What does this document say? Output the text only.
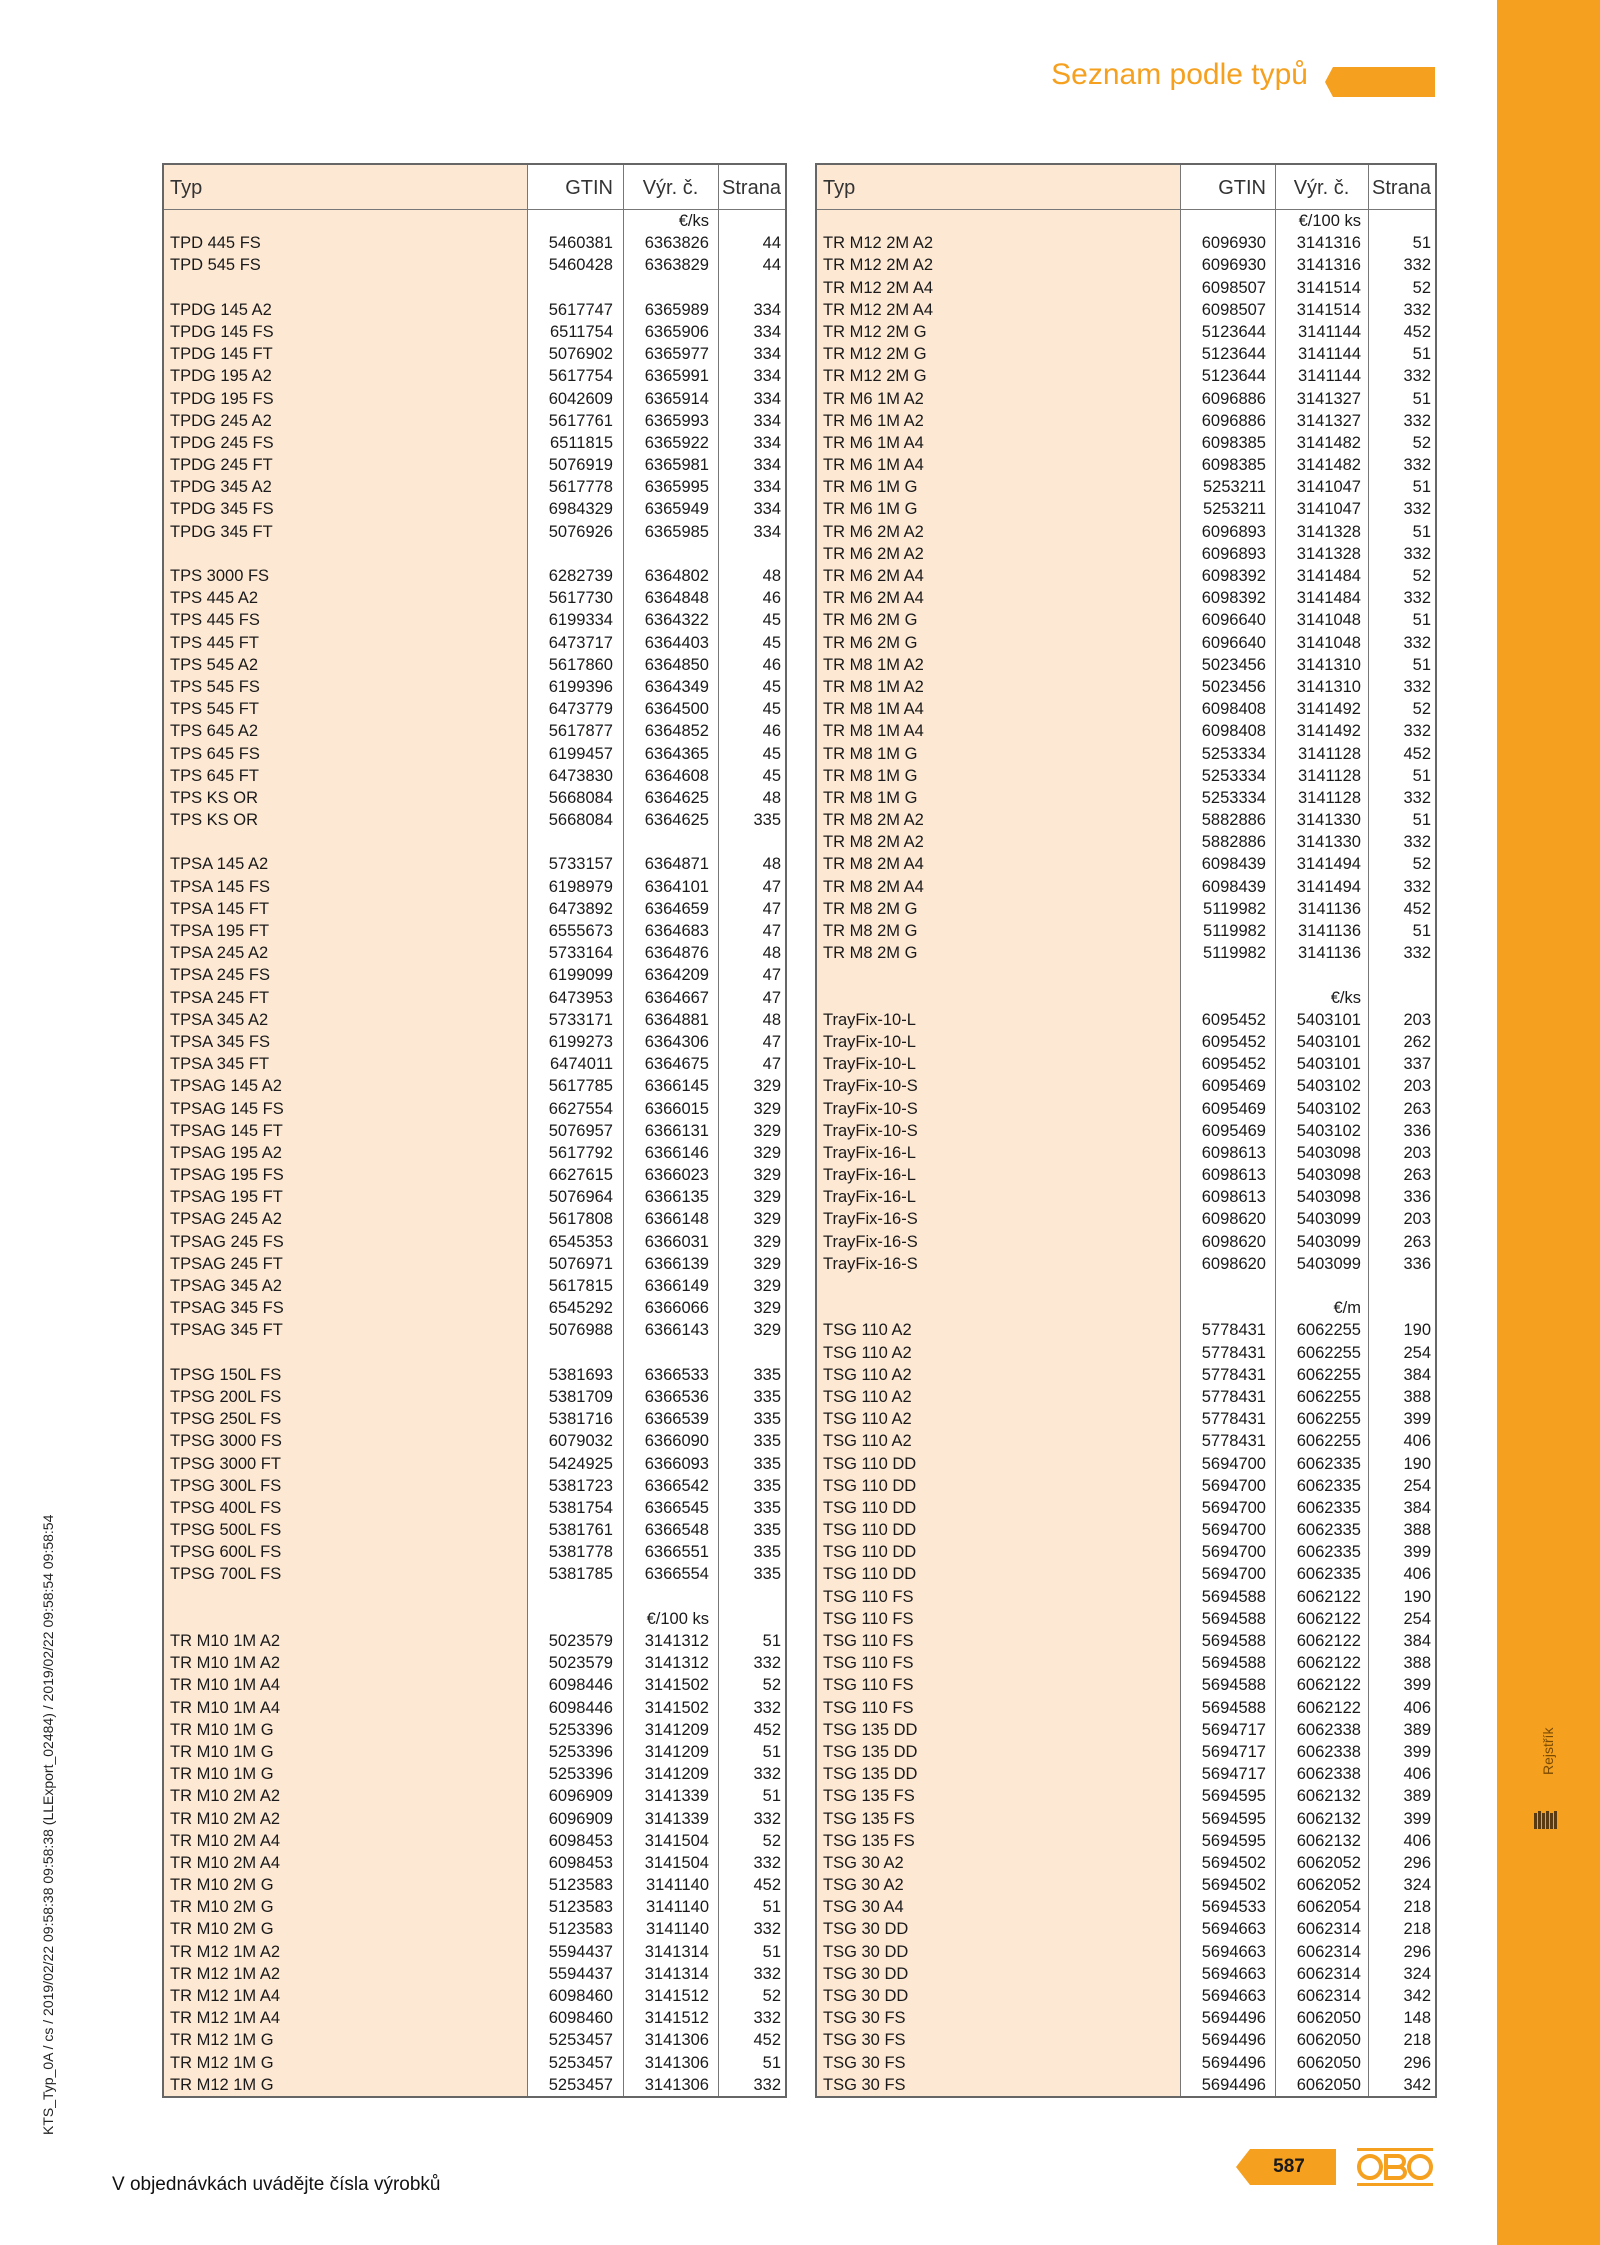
Rejstřík
Seznam podle typů
KTS_Typ_0A / cs / 2019/02/22 09:58:38 09:58:38 (LLExport_02484) / 2019/02/22 09:58:54 09:58:54
Typ	GTIN	Výr. č.	Strana
€/ks
TPD 445 FS	5460381	6363826	44
TPD 545 FS	5460428	6363829	44
TPDG 145 A2	5617747	6365989	334
TPDG 145 FS	6511754	6365906	334
TPDG 145 FT	5076902	6365977	334
TPDG 195 A2	5617754	6365991	334
TPDG 195 FS	6042609	6365914	334
TPDG 245 A2	5617761	6365993	334
TPDG 245 FS	6511815	6365922	334
TPDG 245 FT	5076919	6365981	334
TPDG 345 A2	5617778	6365995	334
TPDG 345 FS	6984329	6365949	334
TPDG 345 FT	5076926	6365985	334
TPS 3000 FS	6282739	6364802	48
TPS 445 A2	5617730	6364848	46
TPS 445 FS	6199334	6364322	45
TPS 445 FT	6473717	6364403	45
TPS 545 A2	5617860	6364850	46
TPS 545 FS	6199396	6364349	45
TPS 545 FT	6473779	6364500	45
TPS 645 A2	5617877	6364852	46
TPS 645 FS	6199457	6364365	45
TPS 645 FT	6473830	6364608	45
TPS KS OR	5668084	6364625	48
TPS KS OR	5668084	6364625	335
TPSA 145 A2	5733157	6364871	48
TPSA 145 FS	6198979	6364101	47
TPSA 145 FT	6473892	6364659	47
TPSA 195 FT	6555673	6364683	47
TPSA 245 A2	5733164	6364876	48
TPSA 245 FS	6199099	6364209	47
TPSA 245 FT	6473953	6364667	47
TPSA 345 A2	5733171	6364881	48
TPSA 345 FS	6199273	6364306	47
TPSA 345 FT	6474011	6364675	47
TPSAG 145 A2	5617785	6366145	329
TPSAG 145 FS	6627554	6366015	329
TPSAG 145 FT	5076957	6366131	329
TPSAG 195 A2	5617792	6366146	329
TPSAG 195 FS	6627615	6366023	329
TPSAG 195 FT	5076964	6366135	329
TPSAG 245 A2	5617808	6366148	329
TPSAG 245 FS	6545353	6366031	329
TPSAG 245 FT	5076971	6366139	329
TPSAG 345 A2	5617815	6366149	329
TPSAG 345 FS	6545292	6366066	329
TPSAG 345 FT	5076988	6366143	329
TPSG 150L FS	5381693	6366533	335
TPSG 200L FS	5381709	6366536	335
TPSG 250L FS	5381716	6366539	335
TPSG 3000 FS	6079032	6366090	335
TPSG 3000 FT	5424925	6366093	335
TPSG 300L FS	5381723	6366542	335
TPSG 400L FS	5381754	6366545	335
TPSG 500L FS	5381761	6366548	335
TPSG 600L FS	5381778	6366551	335
TPSG 700L FS	5381785	6366554	335
€/100 ks
TR M10 1M A2	5023579	3141312	51
TR M10 1M A2	5023579	3141312	332
TR M10 1M A4	6098446	3141502	52
TR M10 1M A4	6098446	3141502	332
TR M10 1M G	5253396	3141209	452
TR M10 1M G	5253396	3141209	51
TR M10 1M G	5253396	3141209	332
TR M10 2M A2	6096909	3141339	51
TR M10 2M A2	6096909	3141339	332
TR M10 2M A4	6098453	3141504	52
TR M10 2M A4	6098453	3141504	332
TR M10 2M G	5123583	3141140	452
TR M10 2M G	5123583	3141140	51
TR M10 2M G	5123583	3141140	332
TR M12 1M A2	5594437	3141314	51
TR M12 1M A2	5594437	3141314	332
TR M12 1M A4	6098460	3141512	52
TR M12 1M A4	6098460	3141512	332
TR M12 1M G	5253457	3141306	452
TR M12 1M G	5253457	3141306	51
TR M12 1M G	5253457	3141306	332
Typ	GTIN	Výr. č.	Strana
€/100 ks
TR M12 2M A2	6096930	3141316	51
TR M12 2M A2	6096930	3141316	332
TR M12 2M A4	6098507	3141514	52
TR M12 2M A4	6098507	3141514	332
TR M12 2M G	5123644	3141144	452
TR M12 2M G	5123644	3141144	51
TR M12 2M G	5123644	3141144	332
TR M6 1M A2	6096886	3141327	51
TR M6 1M A2	6096886	3141327	332
TR M6 1M A4	6098385	3141482	52
TR M6 1M A4	6098385	3141482	332
TR M6 1M G	5253211	3141047	51
TR M6 1M G	5253211	3141047	332
TR M6 2M A2	6096893	3141328	51
TR M6 2M A2	6096893	3141328	332
TR M6 2M A4	6098392	3141484	52
TR M6 2M A4	6098392	3141484	332
TR M6 2M G	6096640	3141048	51
TR M6 2M G	6096640	3141048	332
TR M8 1M A2	5023456	3141310	51
TR M8 1M A2	5023456	3141310	332
TR M8 1M A4	6098408	3141492	52
TR M8 1M A4	6098408	3141492	332
TR M8 1M G	5253334	3141128	452
TR M8 1M G	5253334	3141128	51
TR M8 1M G	5253334	3141128	332
TR M8 2M A2	5882886	3141330	51
TR M8 2M A2	5882886	3141330	332
TR M8 2M A4	6098439	3141494	52
TR M8 2M A4	6098439	3141494	332
TR M8 2M G	5119982	3141136	452
TR M8 2M G	5119982	3141136	51
TR M8 2M G	5119982	3141136	332
€/ks
TrayFix-10-L	6095452	5403101	203
TrayFix-10-L	6095452	5403101	262
TrayFix-10-L	6095452	5403101	337
TrayFix-10-S	6095469	5403102	203
TrayFix-10-S	6095469	5403102	263
TrayFix-10-S	6095469	5403102	336
TrayFix-16-L	6098613	5403098	203
TrayFix-16-L	6098613	5403098	263
TrayFix-16-L	6098613	5403098	336
TrayFix-16-S	6098620	5403099	203
TrayFix-16-S	6098620	5403099	263
TrayFix-16-S	6098620	5403099	336
€/m
TSG 110 A2	5778431	6062255	190
TSG 110 A2	5778431	6062255	254
TSG 110 A2	5778431	6062255	384
TSG 110 A2	5778431	6062255	388
TSG 110 A2	5778431	6062255	399
TSG 110 A2	5778431	6062255	406
TSG 110 DD	5694700	6062335	190
TSG 110 DD	5694700	6062335	254
TSG 110 DD	5694700	6062335	384
TSG 110 DD	5694700	6062335	388
TSG 110 DD	5694700	6062335	399
TSG 110 DD	5694700	6062335	406
TSG 110 FS	5694588	6062122	190
TSG 110 FS	5694588	6062122	254
TSG 110 FS	5694588	6062122	384
TSG 110 FS	5694588	6062122	388
TSG 110 FS	5694588	6062122	399
TSG 110 FS	5694588	6062122	406
TSG 135 DD	5694717	6062338	389
TSG 135 DD	5694717	6062338	399
TSG 135 DD	5694717	6062338	406
TSG 135 FS	5694595	6062132	389
TSG 135 FS	5694595	6062132	399
TSG 135 FS	5694595	6062132	406
TSG 30 A2	5694502	6062052	296
TSG 30 A2	5694502	6062052	324
TSG 30 A4	5694533	6062054	218
TSG 30 DD	5694663	6062314	218
TSG 30 DD	5694663	6062314	296
TSG 30 DD	5694663	6062314	324
TSG 30 DD	5694663	6062314	342
TSG 30 FS	5694496	6062050	148
TSG 30 FS	5694496	6062050	218
TSG 30 FS	5694496	6062050	296
TSG 30 FS	5694496	6062050	342
V objednávkách uvádějte čísla výrobků
587
